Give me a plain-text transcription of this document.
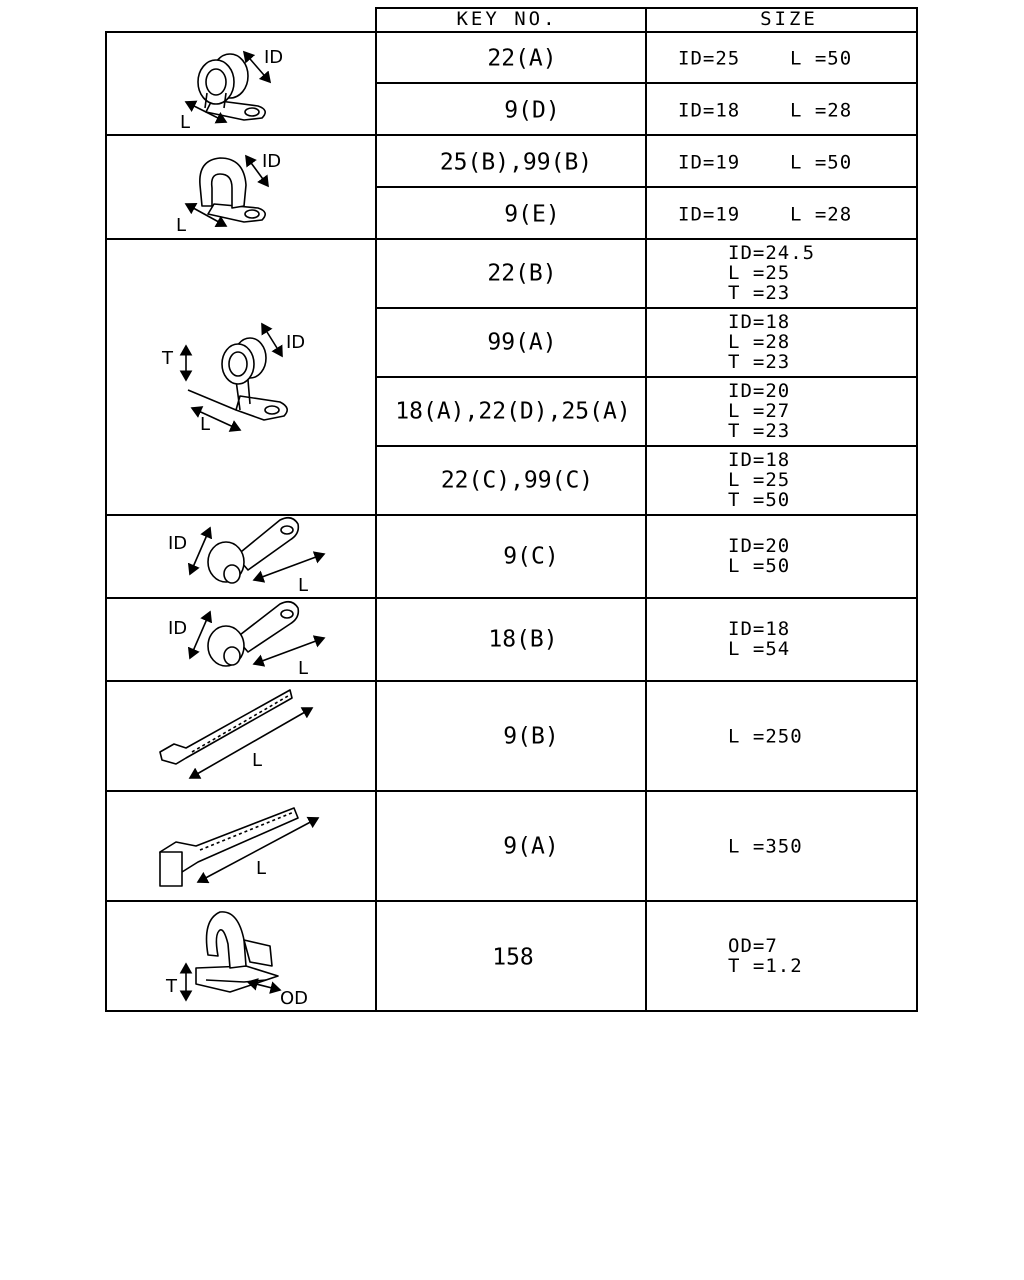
KEY NO.	SIZE
22(A)
9(D)
25(B),99(B)
9(E)
22(B)
99(A)
18(A),22(D),25(A)
22(C),99(C)
9(C)
18(B)
9(B)
9(A)
158
ID=25    L =50
ID=18    L =28
ID=19    L =50
ID=19    L =28
ID=24.5
L =25
T =23
ID=18
L =28
T =23
ID=20
L =27
T =23
ID=18
L =25
T =50
ID=20
L =50
ID=18
L =54
L =250
L =350
OD=7
T =1.2
ID
L
ID
L
ID
T
L
ID
L
ID
L
L
L
T
OD
